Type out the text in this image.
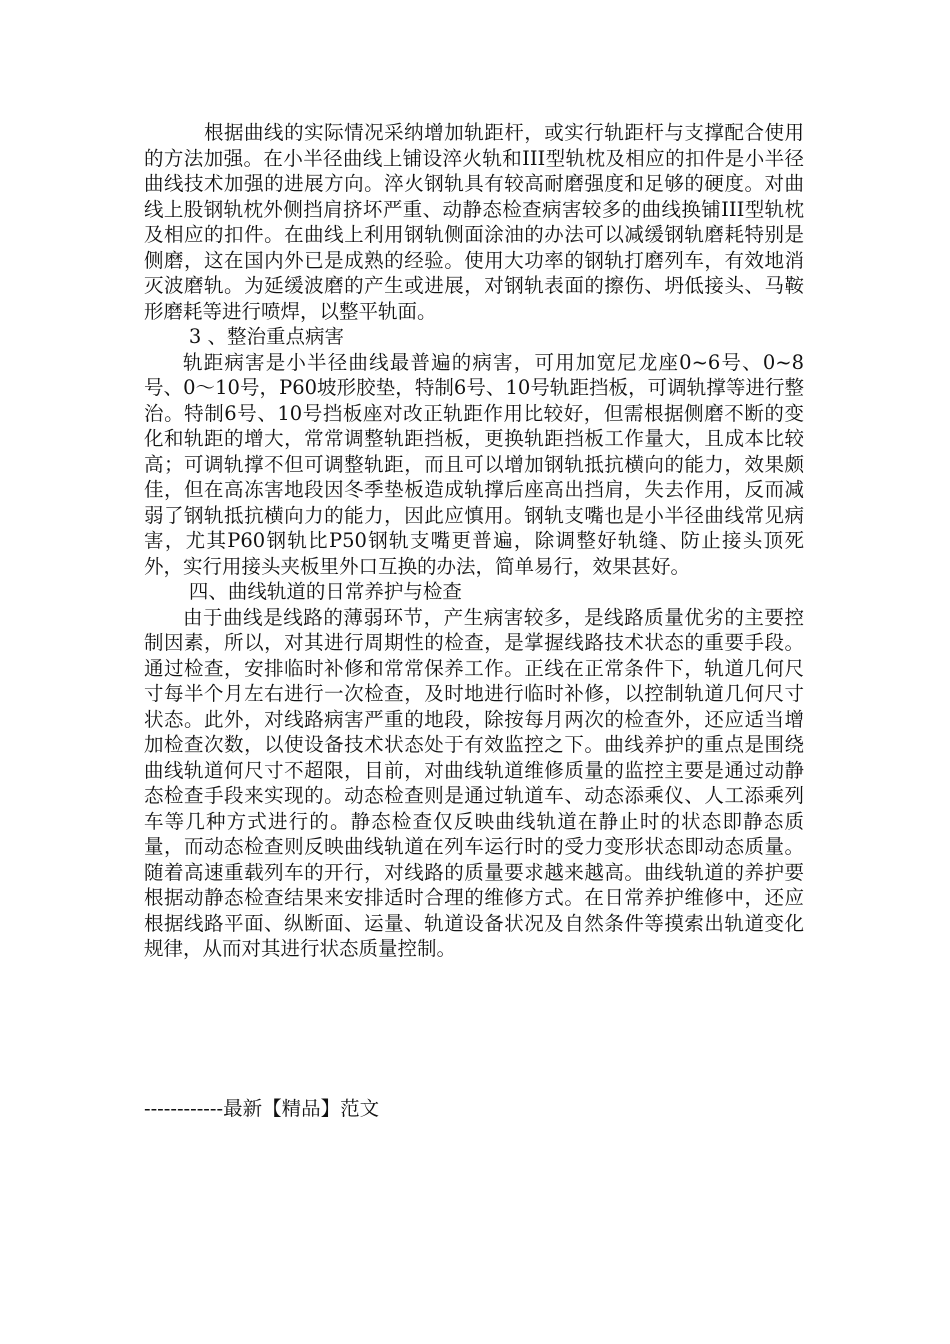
根据曲线的实际情况采纳增加轨距杆，或实行轨距杆与支撑配合使用的方法加强。在小半径曲线上铺设淬火轨和III型轨枕及相应的扣件是小半径曲线技术加强的进展方向。淬火钢轨具有较高耐磨强度和足够的硬度。对曲线上股钢轨枕外侧挡肩挤坏严重、动静态检查病害较多的曲线换铺III型轨枕及相应的扣件。在曲线上利用钢轨侧面涂油的办法可以减缓钢轨磨耗特别是侧磨，这在国内外已是成熟的经验。使用大功率的钢轨打磨列车，有效地消灭波磨轨。为延缓波磨的产生或进展，对钢轨表面的擦伤、坍低接头、马鞍形磨耗等进行喷焊，以整平轨面。

3 、整治重点病害

轨距病害是小半径曲线最普遍的病害，可用加宽尼龙座0~6号、0~8号、0～10号，P60坡形胶垫，特制6号、10号轨距挡板，可调轨撑等进行整治。特制6号、10号挡板座对改正轨距作用比较好，但需根据侧磨不断的变化和轨距的增大，常常调整轨距挡板，更换轨距挡板工作量大，且成本比较高；可调轨撑不但可调整轨距，而且可以增加钢轨抵抗横向的能力，效果颇佳，但在高冻害地段因冬季垫板造成轨撑后座高出挡肩，失去作用，反而减弱了钢轨抵抗横向力的能力，因此应慎用。钢轨支嘴也是小半径曲线常见病害，尤其P60钢轨比P50钢轨支嘴更普遍，除调整好轨缝、防止接头顶死外，实行用接头夹板里外口互换的办法，简单易行，效果甚好。

四、曲线轨道的日常养护与检查

由于曲线是线路的薄弱环节，产生病害较多，是线路质量优劣的主要控制因素，所以，对其进行周期性的检查，是掌握线路技术状态的重要手段。通过检查，安排临时补修和常常保养工作。正线在正常条件下，轨道几何尺寸每半个月左右进行一次检查，及时地进行临时补修，以控制轨道几何尺寸状态。此外，对线路病害严重的地段，除按每月两次的检查外，还应适当增加检查次数，以使设备技术状态处于有效监控之下。曲线养护的重点是围绕曲线轨道何尺寸不超限，目前，对曲线轨道维修质量的监控主要是通过动静态检查手段来实现的。动态检查则是通过轨道车、动态添乘仪、人工添乘列车等几种方式进行的。静态检查仅反映曲线轨道在静止时的状态即静态质量，而动态检查则反映曲线轨道在列车运行时的受力变形状态即动态质量。随着高速重载列车的开行，对线路的质量要求越来越高。曲线轨道的养护要根据动静态检查结果来安排适时合理的维修方式。在日常养护维修中，还应根据线路平面、纵断面、运量、轨道设备状况及自然条件等摸索出轨道变化规律，从而对其进行状态质量控制。

------------最新【精品】范文
